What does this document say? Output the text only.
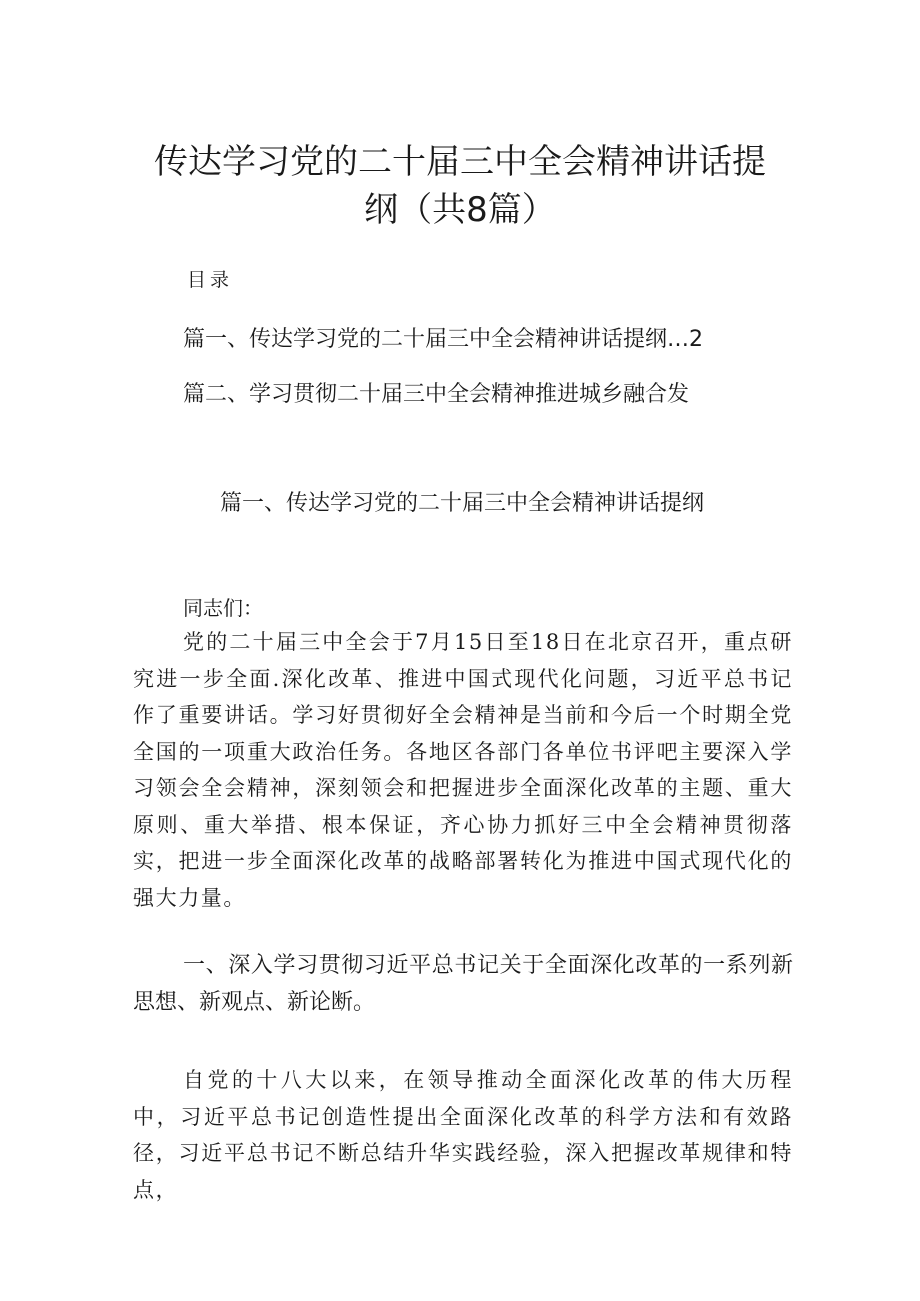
传达学习党的二十届三中全会精神讲话提
纲（共8篇）
目录
篇一、传达学习党的二十届三中全会精神讲话提纲…2
篇二、学习贯彻二十届三中全会精神推进城乡融合发
篇一、传达学习党的二十届三中全会精神讲话提纲
同志们：

党的二十届三中全会于7月15日至18日在北京召开，重点研究进一步全面.深化改革、推进中国式现代化问题，习近平总书记作了重要讲话。学习好贯彻好全会精神是当前和今后一个时期全党全国的一项重大政治任务。各地区各部门各单位书评吧主要深入学习领会全会精神，深刻领会和把握进步全面深化改革的主题、重大原则、重大举措、根本保证，齐心协力抓好三中全会精神贯彻落实，把进一步全面深化改革的战略部署转化为推进中国式现代化的强大力量。

一、深入学习贯彻习近平总书记关于全面深化改革的一系列新思想、新观点、新论断。

自党的十八大以来，在领导推动全面深化改革的伟大历程中，习近平总书记创造性提出全面深化改革的科学方法和有效路径，习近平总书记不断总结升华实践经验，深入把握改革规律和特点，
